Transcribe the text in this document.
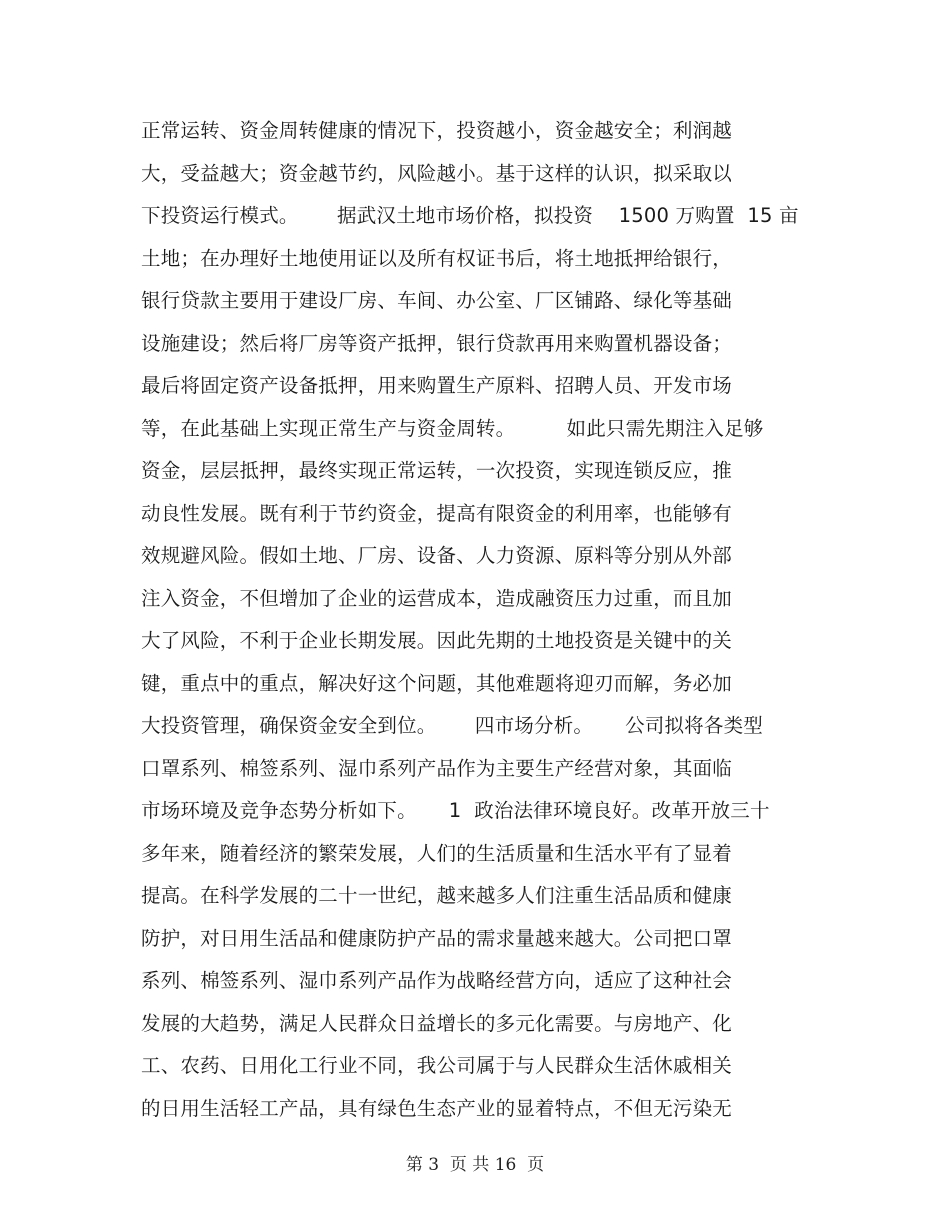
正常运转、资金周转健康的情况下，投资越小，资金越安全；利润越
大，受益越大；资金越节约，风险越小。基于这样的认识，拟采取以
下投资运行模式。      据武汉土地市场价格，拟投资    1500 万购置  15 亩
土地；在办理好土地使用证以及所有权证书后，将土地抵押给银行，
银行贷款主要用于建设厂房、车间、办公室、厂区铺路、绿化等基础
设施建设；然后将厂房等资产抵押，银行贷款再用来购置机器设备；
最后将固定资产设备抵押，用来购置生产原料、招聘人员、开发市场
等，在此基础上实现正常生产与资金周转。        如此只需先期注入足够
资金，层层抵押，最终实现正常运转，一次投资，实现连锁反应，推
动良性发展。既有利于节约资金，提高有限资金的利用率，也能够有
效规避风险。假如土地、厂房、设备、人力资源、原料等分别从外部
注入资金，不但增加了企业的运营成本，造成融资压力过重，而且加
大了风险，不利于企业长期发展。因此先期的土地投资是关键中的关
键，重点中的重点，解决好这个问题，其他难题将迎刃而解，务必加
大投资管理，确保资金安全到位。      四市场分析。     公司拟将各类型
口罩系列、棉签系列、湿巾系列产品作为主要生产经营对象，其面临
市场环境及竞争态势分析如下。     1  政治法律环境良好。改革开放三十
多年来，随着经济的繁荣发展，人们的生活质量和生活水平有了显着
提高。在科学发展的二十一世纪，越来越多人们注重生活品质和健康
防护，对日用生活品和健康防护产品的需求量越来越大。公司把口罩
系列、棉签系列、湿巾系列产品作为战略经营方向，适应了这种社会
发展的大趋势，满足人民群众日益增长的多元化需要。与房地产、化
工、农药、日用化工行业不同，我公司属于与人民群众生活休戚相关
的日用生活轻工产品，具有绿色生态产业的显着特点，不但无污染无
第 3  页 共 16  页
